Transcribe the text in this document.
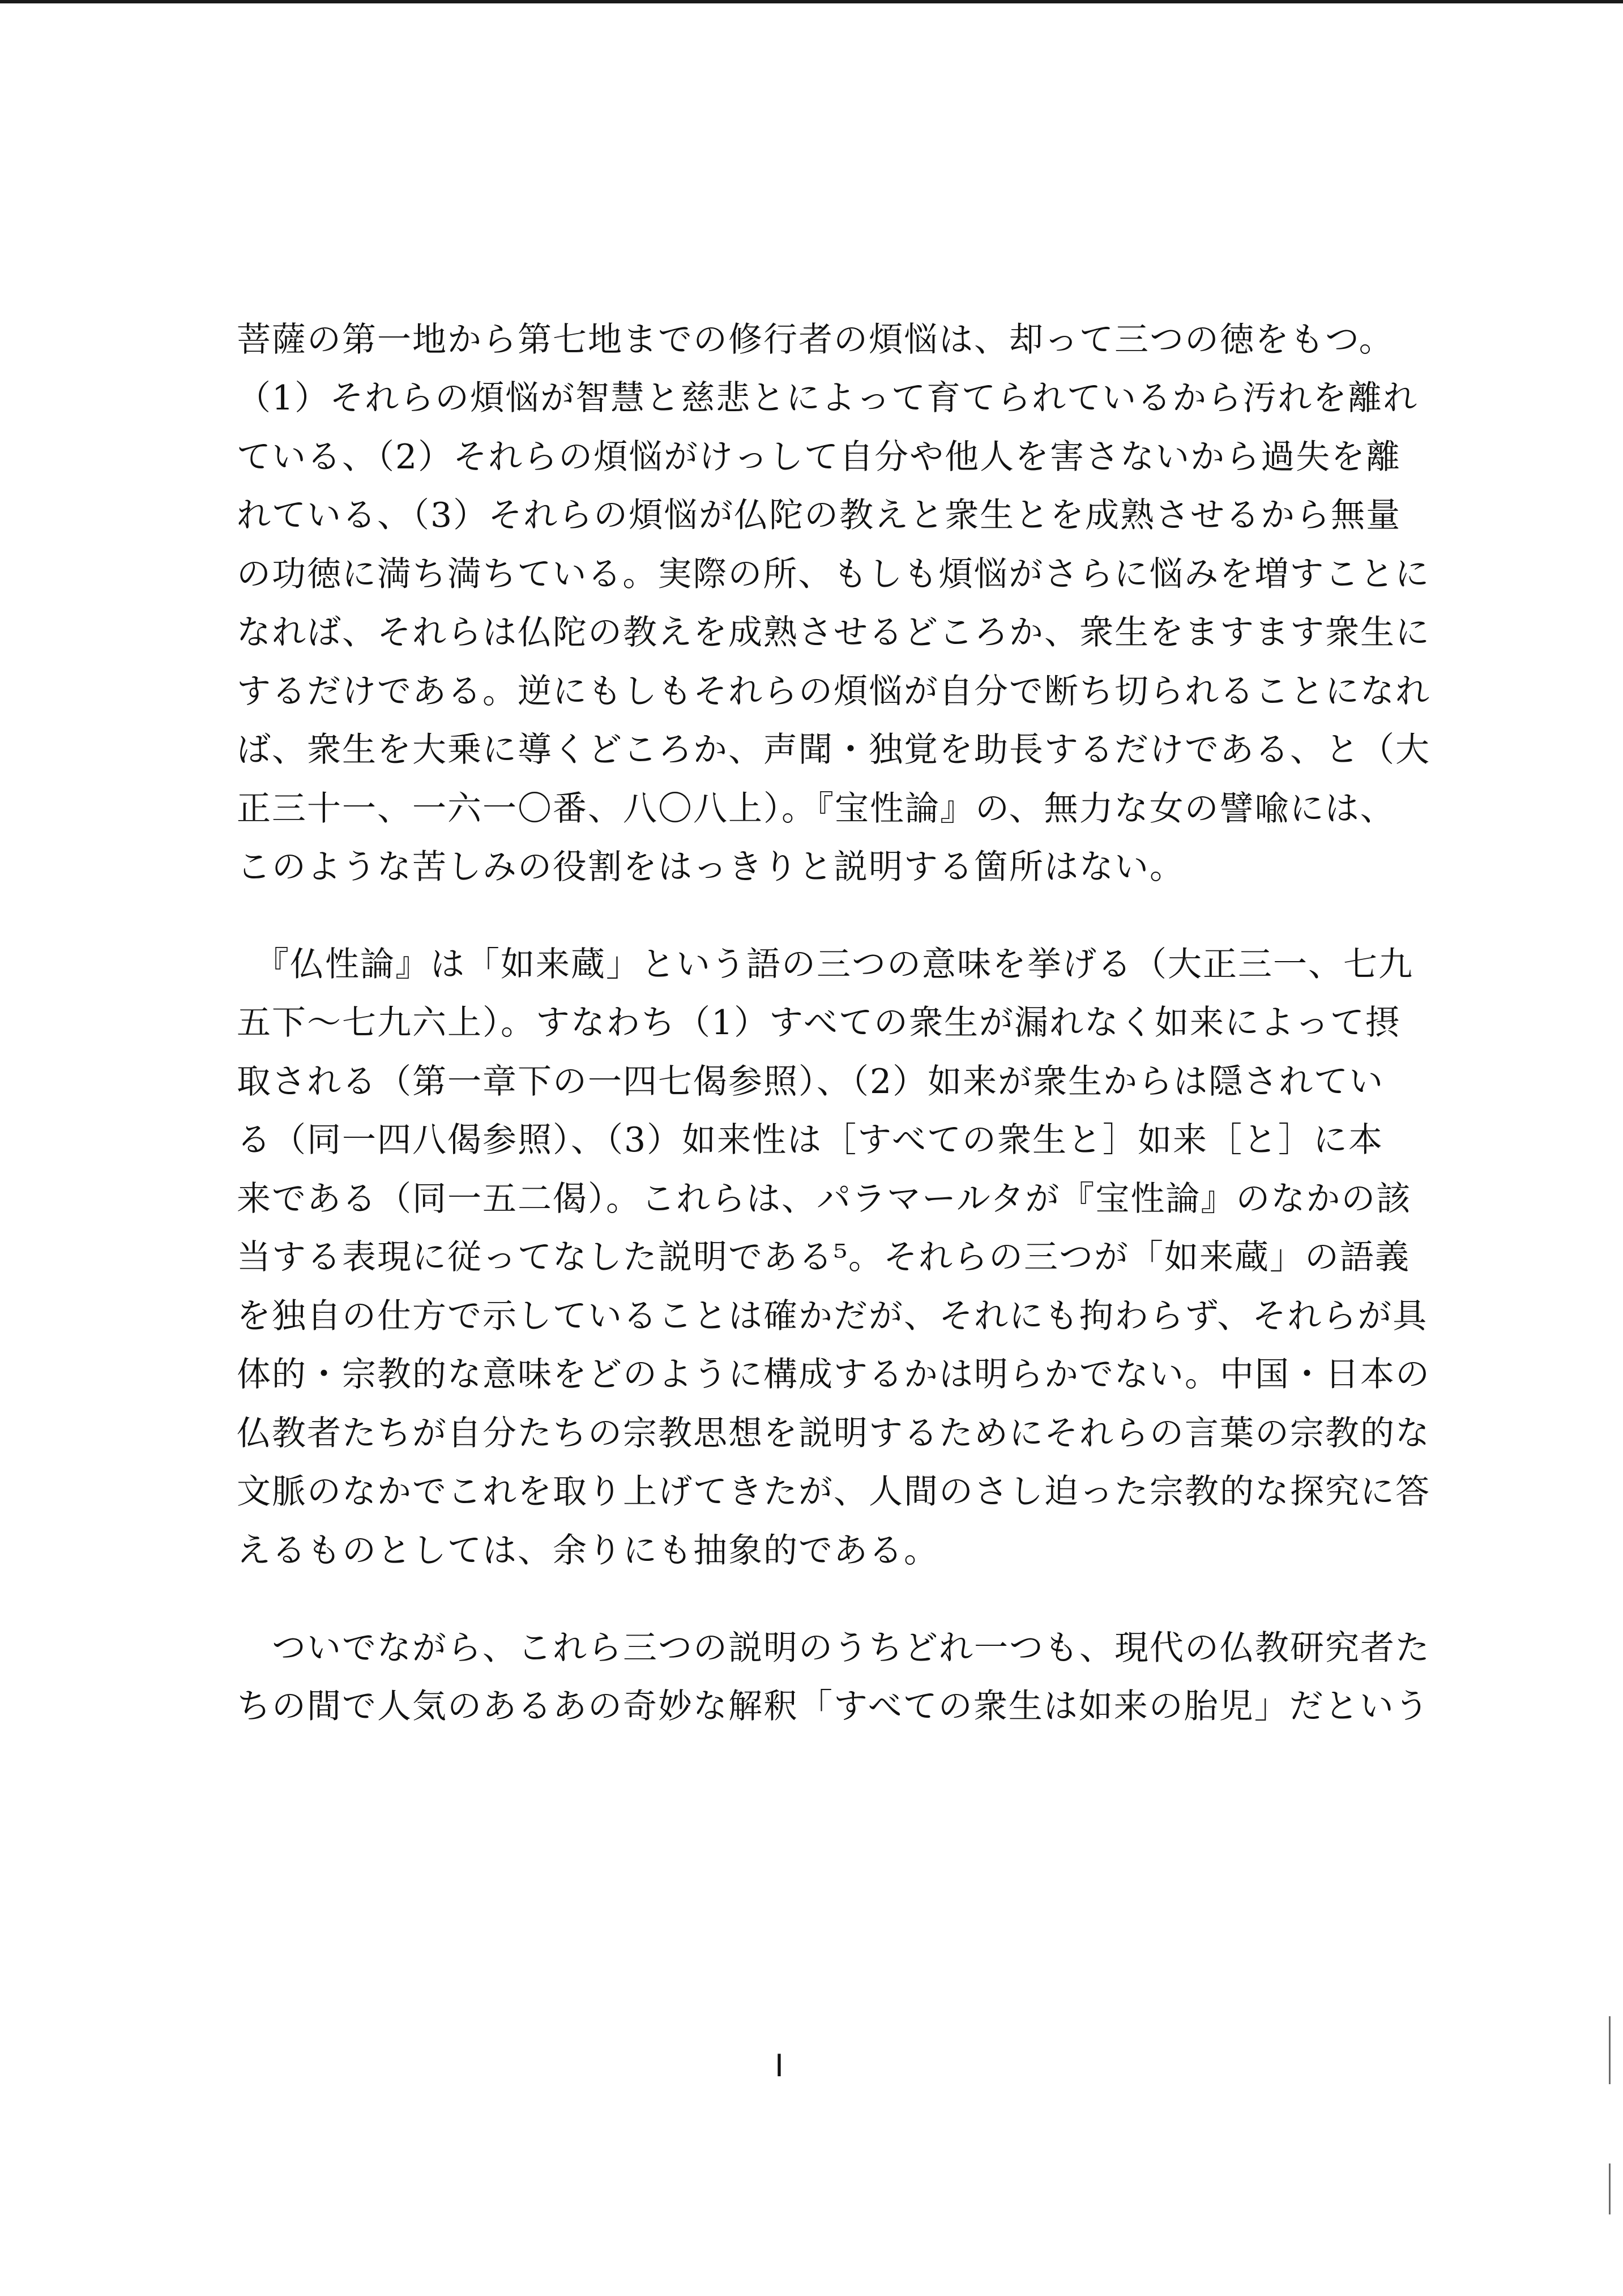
菩薩の第一地から第七地までの修行者の煩悩は、却って三つの徳をもつ。
（1）それらの煩悩が智慧と慈悲とによって育てられているから汚れを離れ
ている、（2）それらの煩悩がけっして自分や他人を害さないから過失を離
れている、（3）それらの煩悩が仏陀の教えと衆生とを成熟させるから無量
の功徳に満ち満ちている。実際の所、もしも煩悩がさらに悩みを増すことに
なれば、それらは仏陀の教えを成熟させるどころか、衆生をますます衆生に
するだけである。逆にもしもそれらの煩悩が自分で断ち切られることになれ
ば、衆生を大乗に導くどころか、声聞・独覚を助長するだけである、と（大
正三十一、一六一〇番、八〇八上）。『宝性論』の、無力な女の譬喩には、
このような苦しみの役割をはっきりと説明する箇所はない。
　『仏性論』は「如来蔵」という語の三つの意味を挙げる（大正三一、七九
五下～七九六上）。すなわち（1）すべての衆生が漏れなく如来によって摂
取される（第一章下の一四七偈参照）、（2）如来が衆生からは隠されてい
る（同一四八偈参照）、（3）如来性は［すべての衆生と］如来［と］に本
来である（同一五二偈）。これらは、パラマールタが『宝性論』のなかの該
当する表現に従ってなした説明である⁵。それらの三つが「如来蔵」の語義
を独自の仕方で示していることは確かだが、それにも拘わらず、それらが具
体的・宗教的な意味をどのように構成するかは明らかでない。中国・日本の
仏教者たちが自分たちの宗教思想を説明するためにそれらの言葉の宗教的な
文脈のなかでこれを取り上げてきたが、人間のさし迫った宗教的な探究に答
えるものとしては、余りにも抽象的である。
　ついでながら、これら三つの説明のうちどれ一つも、現代の仏教研究者た
ちの間で人気のあるあの奇妙な解釈「すべての衆生は如来の胎児」だという
I
